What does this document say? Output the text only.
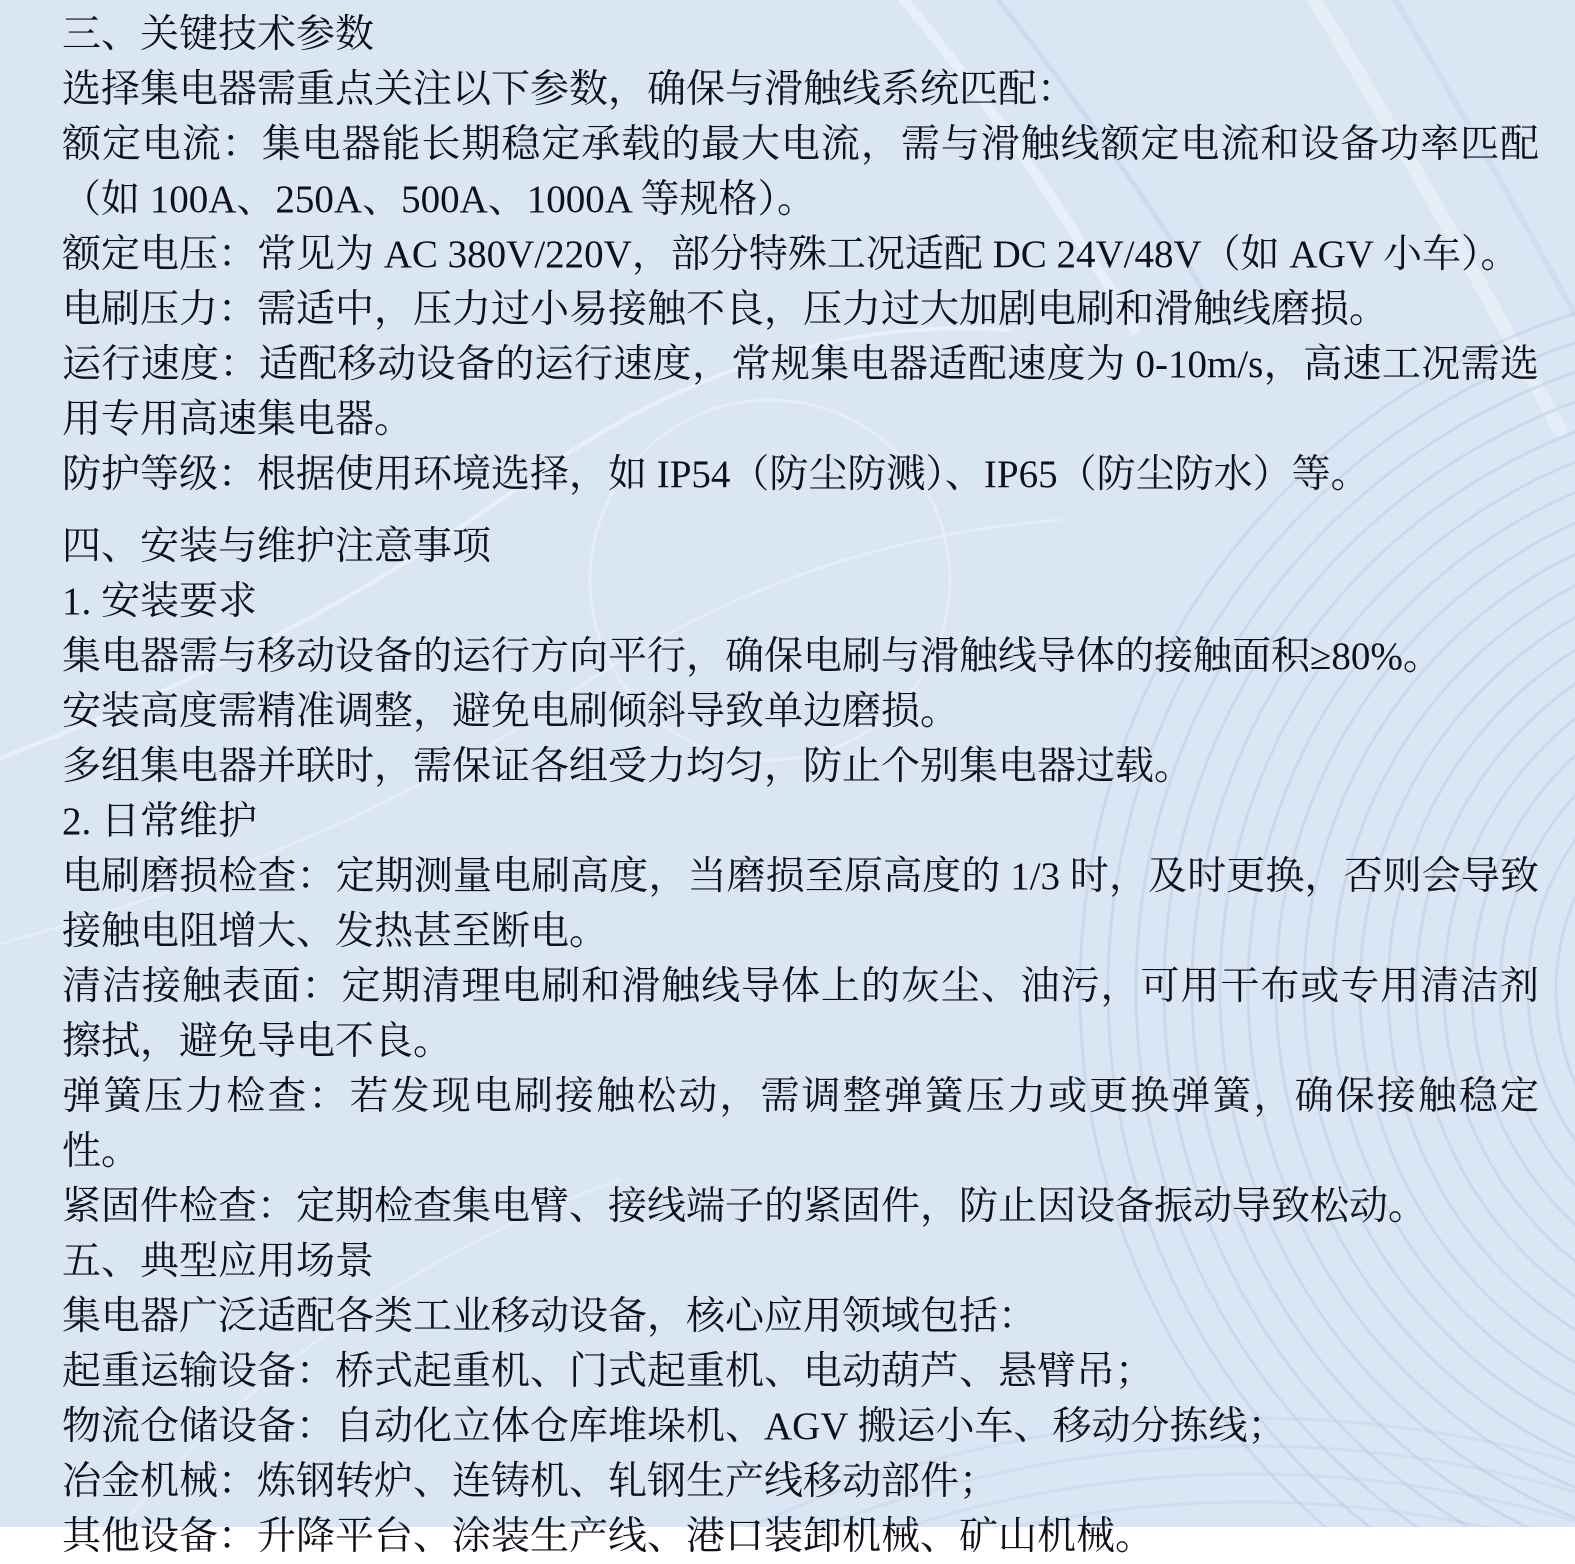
三、关键技术参数

选择集电器需重点关注以下参数，确保与滑触线系统匹配：

额定电流：集电器能长期稳定承载的最大电流，需与滑触线额定电流和设备功率匹配（如 100A、250A、500A、1000A 等规格）。

额定电压：常见为 AC 380V/220V，部分特殊工况适配 DC 24V/48V（如 AGV 小车）。

电刷压力：需适中，压力过小易接触不良，压力过大加剧电刷和滑触线磨损。

运行速度：适配移动设备的运行速度，常规集电器适配速度为 0-10m/s，高速工况需选用专用高速集电器。

防护等级：根据使用环境选择，如 IP54（防尘防溅）、IP65（防尘防水）等。

四、安装与维护注意事项

1. 安装要求

集电器需与移动设备的运行方向平行，确保电刷与滑触线导体的接触面积≥80%。

安装高度需精准调整，避免电刷倾斜导致单边磨损。

多组集电器并联时，需保证各组受力均匀，防止个别集电器过载。

2. 日常维护

电刷磨损检查：定期测量电刷高度，当磨损至原高度的 1/3 时，及时更换，否则会导致接触电阻增大、发热甚至断电。

清洁接触表面：定期清理电刷和滑触线导体上的灰尘、油污，可用干布或专用清洁剂擦拭，避免导电不良。

弹簧压力检查：若发现电刷接触松动，需调整弹簧压力或更换弹簧，确保接触稳定性。

紧固件检查：定期检查集电臂、接线端子的紧固件，防止因设备振动导致松动。

五、典型应用场景

集电器广泛适配各类工业移动设备，核心应用领域包括：

起重运输设备：桥式起重机、门式起重机、电动葫芦、悬臂吊；

物流仓储设备：自动化立体仓库堆垛机、AGV 搬运小车、移动分拣线；

冶金机械：炼钢转炉、连铸机、轧钢生产线移动部件；

其他设备：升降平台、涂装生产线、港口装卸机械、矿山机械。
